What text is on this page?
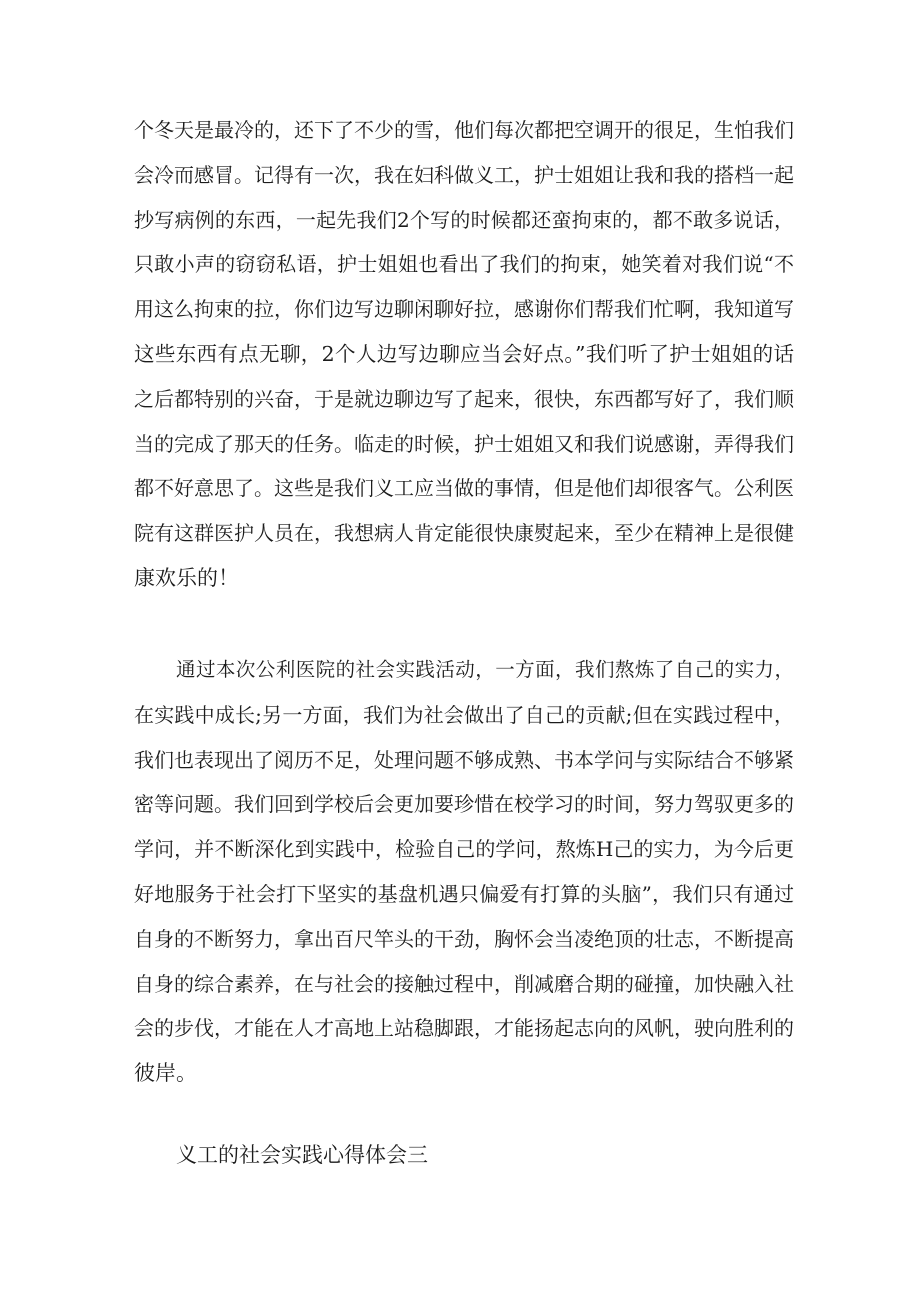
个冬天是最冷的，还下了不少的雪，他们每次都把空调开的很足，生怕我们
会冷而感冒。记得有一次，我在妇科做义工，护士姐姐让我和我的搭档一起
抄写病例的东西，一起先我们2个写的时候都还蛮拘束的，都不敢多说话，
只敢小声的窃窃私语，护士姐姐也看出了我们的拘束，她笑着对我们说“不
用这么拘束的拉，你们边写边聊闲聊好拉，感谢你们帮我们忙啊，我知道写
这些东西有点无聊，2个人边写边聊应当会好点。”我们听了护士姐姐的话
之后都特别的兴奋，于是就边聊边写了起来，很快，东西都写好了，我们顺
当的完成了那天的任务。临走的时候，护士姐姐又和我们说感谢，弄得我们
都不好意思了。这些是我们义工应当做的事情，但是他们却很客气。公利医
院有这群医护人员在，我想病人肯定能很快康熨起来，至少在精神上是很健
康欢乐的！
通过本次公利医院的社会实践活动，一方面，我们熬炼了自己的实力，
在实践中成长;另一方面，我们为社会做出了自己的贡献;但在实践过程中，
我们也表现出了阅历不足，处理问题不够成熟、书本学问与实际结合不够紧
密等问题。我们回到学校后会更加要珍惜在校学习的时间，努力驾驭更多的
学问，并不断深化到实践中，检验自己的学问，熬炼H己的实力，为今后更
好地服务于社会打下坚实的基盘机遇只偏爱有打算的头脑”，我们只有通过
自身的不断努力，拿出百尺竿头的干劲，胸怀会当凌绝顶的壮志，不断提高
自身的综合素养，在与社会的接触过程中，削减磨合期的碰撞，加快融入社
会的步伐，才能在人才高地上站稳脚跟，才能扬起志向的风帆，驶向胜利的
彼岸。
义工的社会实践心得体会三
